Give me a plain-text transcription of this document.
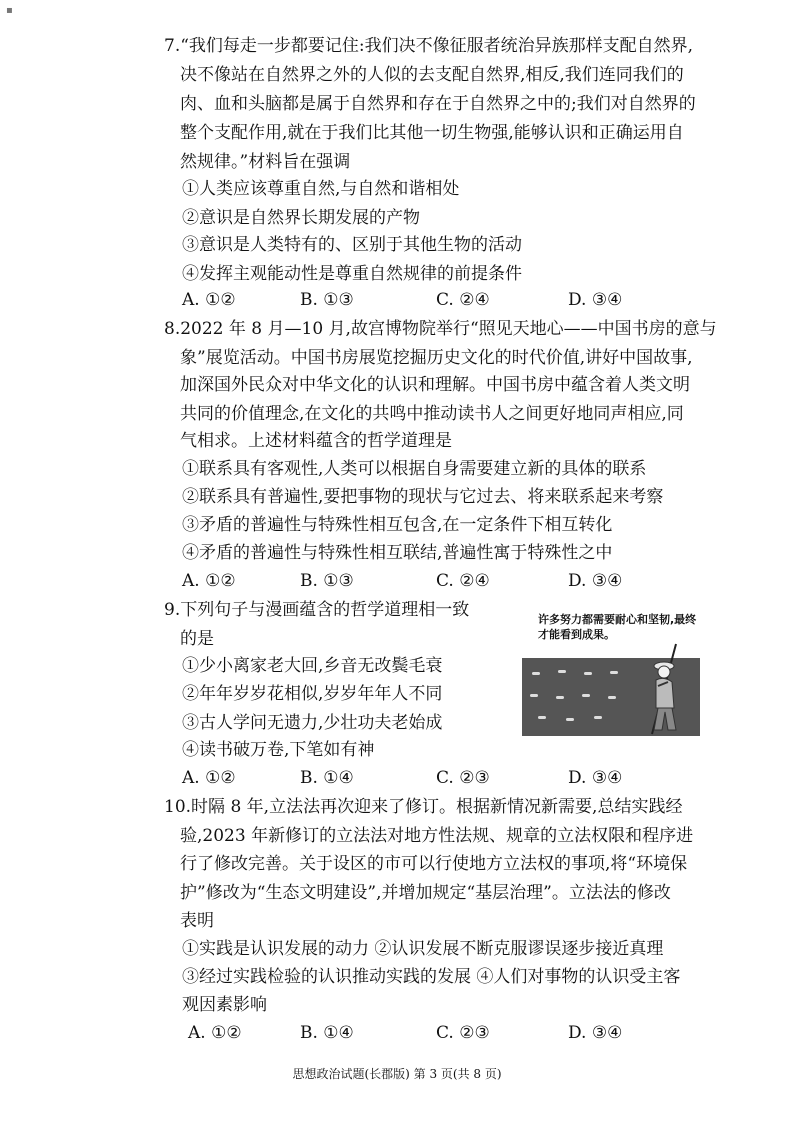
▪
7.“我们每走一步都要记住:我们决不像征服者统治异族那样支配自然界,
决不像站在自然界之外的人似的去支配自然界,相反,我们连同我们的
肉、血和头脑都是属于自然界和存在于自然界之中的;我们对自然界的
整个支配作用,就在于我们比其他一切生物强,能够认识和正确运用自
然规律。”材料旨在强调
①人类应该尊重自然,与自然和谐相处
②意识是自然界长期发展的产物
③意识是人类特有的、区别于其他生物的活动
④发挥主观能动性是尊重自然规律的前提条件
A. ①②	B. ①③	C. ②④	D. ③④
8.2022 年 8 月—10 月,故宫博物院举行“照见天地心——中国书房的意与
象”展览活动。中国书房展览挖掘历史文化的时代价值,讲好中国故事,
加深国外民众对中华文化的认识和理解。中国书房中蕴含着人类文明
共同的价值理念,在文化的共鸣中推动读书人之间更好地同声相应,同
气相求。上述材料蕴含的哲学道理是
①联系具有客观性,人类可以根据自身需要建立新的具体的联系
②联系具有普遍性,要把事物的现状与它过去、将来联系起来考察
③矛盾的普遍性与特殊性相互包含,在一定条件下相互转化
④矛盾的普遍性与特殊性相互联结,普遍性寓于特殊性之中
A. ①②	B. ①③	C. ②④	D. ③④
9.下列句子与漫画蕴含的哲学道理相一致
的是
①少小离家老大回,乡音无改鬓毛衰
②年年岁岁花相似,岁岁年年人不同
③古人学问无遗力,少壮功夫老始成
④读书破万卷,下笔如有神
A. ①②	B. ①④	C. ②③	D. ③④
许多努力都需要耐心和坚韧,最终才能看到成果。
10.时隔 8 年,立法法再次迎来了修订。根据新情况新需要,总结实践经
验,2023 年新修订的立法法对地方性法规、规章的立法权限和程序进
行了修改完善。关于设区的市可以行使地方立法权的事项,将“环境保
护”修改为“生态文明建设”,并增加规定“基层治理”。立法法的修改
表明
①实践是认识发展的动力 ②认识发展不断克服谬误逐步接近真理
③经过实践检验的认识推动实践的发展 ④人们对事物的认识受主客
观因素影响
A. ①②	B. ①④	C. ②③	D. ③④
思想政治试题(长郡版) 第 3 页(共 8 页)
